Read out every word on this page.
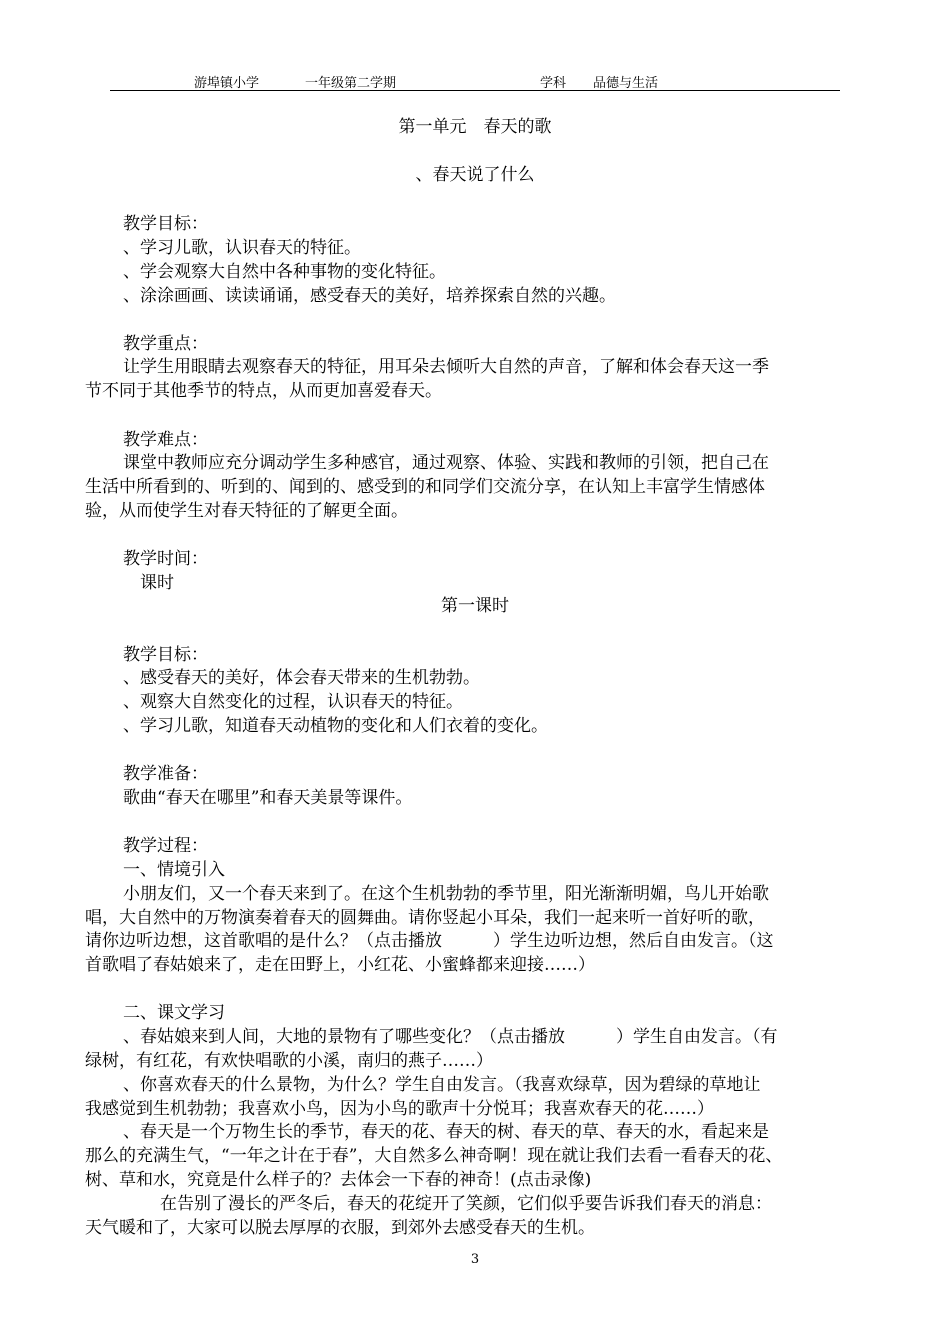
游埠镇小学	一年级第二学期	学科 品德与生活
第一单元　春天的歌
、春天说了什么
教学目标：
、学习儿歌，认识春天的特征。
、学会观察大自然中各种事物的变化特征。
、涂涂画画、读读诵诵，感受春天的美好，培养探索自然的兴趣。
教学重点：
让学生用眼睛去观察春天的特征，用耳朵去倾听大自然的声音，了解和体会春天这一季
节不同于其他季节的特点，从而更加喜爱春天。
教学难点：
课堂中教师应充分调动学生多种感官，通过观察、体验、实践和教师的引领，把自己在
生活中所看到的、听到的、闻到的、感受到的和同学们交流分享，在认知上丰富学生情感体
验，从而使学生对春天特征的了解更全面。
教学时间：
课时
第一课时
教学目标：
、感受春天的美好，体会春天带来的生机勃勃。
、观察大自然变化的过程，认识春天的特征。
、学习儿歌，知道春天动植物的变化和人们衣着的变化。
教学准备：
歌曲“春天在哪里”和春天美景等课件。
教学过程：
一、情境引入
小朋友们，又一个春天来到了。在这个生机勃勃的季节里，阳光渐渐明媚，鸟儿开始歌
唱，大自然中的万物演奏着春天的圆舞曲。请你竖起小耳朵，我们一起来听一首好听的歌，
请你边听边想，这首歌唱的是什么？（点击播放　　　）学生边听边想，然后自由发言。（这
首歌唱了春姑娘来了，走在田野上，小红花、小蜜蜂都来迎接……）
二、课文学习
、春姑娘来到人间，大地的景物有了哪些变化？（点击播放　　　）学生自由发言。（有
绿树，有红花，有欢快唱歌的小溪，南归的燕子……）
、你喜欢春天的什么景物，为什么？学生自由发言。（我喜欢绿草，因为碧绿的草地让
我感觉到生机勃勃；我喜欢小鸟，因为小鸟的歌声十分悦耳；我喜欢春天的花……）
、春天是一个万物生长的季节，春天的花、春天的树、春天的草、春天的水，看起来是
那么的充满生气，“一年之计在于春”，大自然多么神奇啊！现在就让我们去看一看春天的花、
树、草和水，究竟是什么样子的？去体会一下春的神奇！(点击录像)
在告别了漫长的严冬后，春天的花绽开了笑颜，它们似乎要告诉我们春天的消息：
天气暖和了，大家可以脱去厚厚的衣服，到郊外去感受春天的生机。
3
